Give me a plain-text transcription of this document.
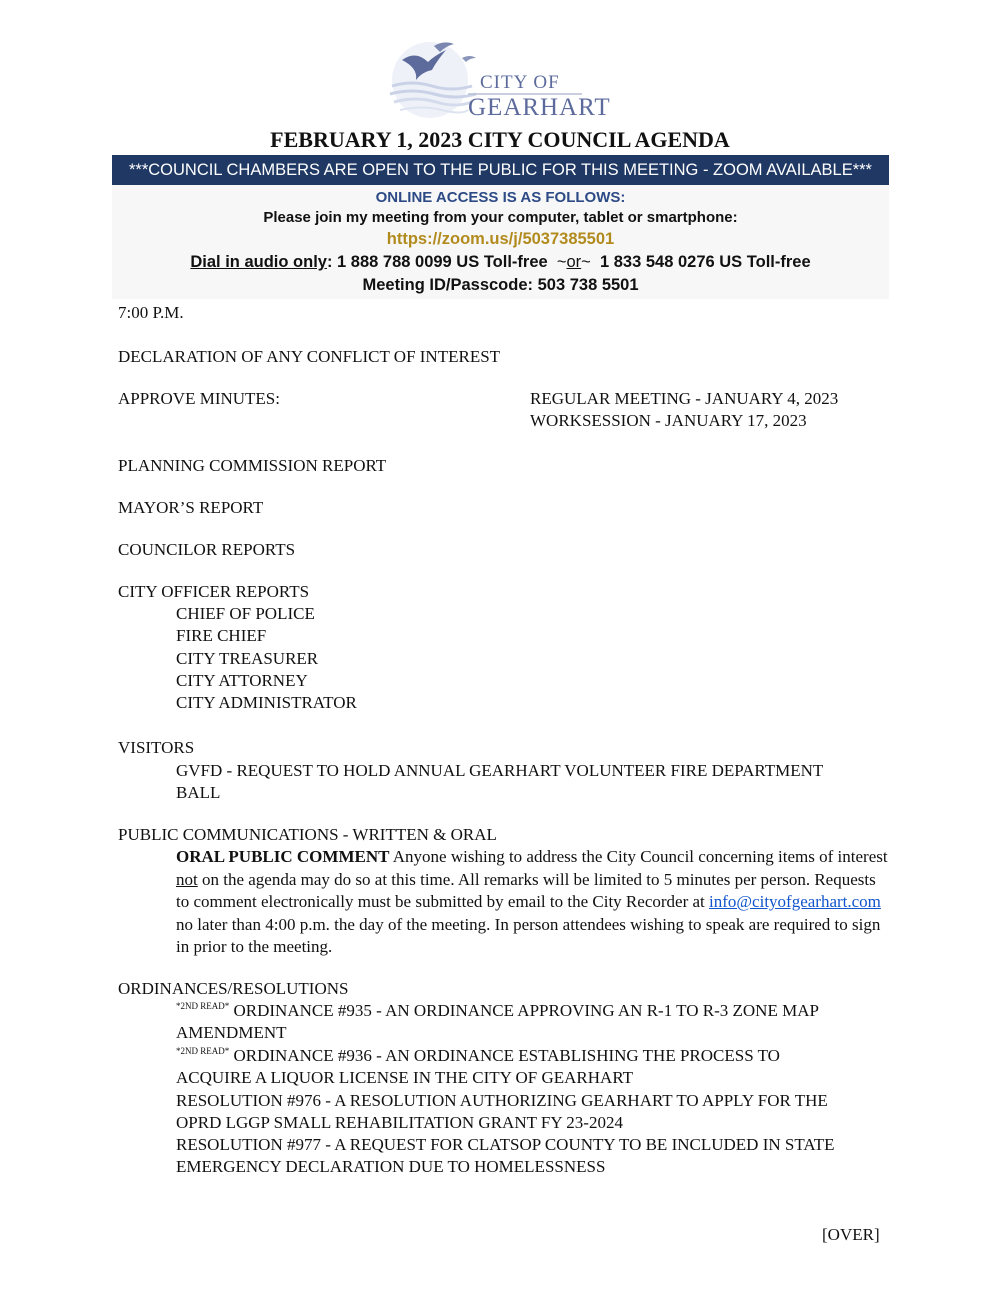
CITY OF
GEARHART
FEBRUARY 1, 2023 CITY COUNCIL AGENDA
***COUNCIL CHAMBERS ARE OPEN TO THE PUBLIC FOR THIS MEETING - ZOOM AVAILABLE***
ONLINE ACCESS IS AS FOLLOWS:
Please join my meeting from your computer, tablet or smartphone:
https://zoom.us/j/5037385501
Dial in audio only: 1 888 788 0099 US Toll-free ~or~ 1 833 548 0276 US Toll-free
Meeting ID/Passcode: 503 738 5501
7:00 P.M.
DECLARATION OF ANY CONFLICT OF INTEREST
APPROVE MINUTES:	REGULAR MEETING - JANUARY 4, 2023
WORKSESSION - JANUARY 17, 2023
PLANNING COMMISSION REPORT
MAYOR’S REPORT
COUNCILOR REPORTS
CITY OFFICER REPORTS
CHIEF OF POLICE
FIRE CHIEF
CITY TREASURER
CITY ATTORNEY
CITY ADMINISTRATOR
VISITORS
GVFD - REQUEST TO HOLD ANNUAL GEARHART VOLUNTEER FIRE DEPARTMENT
BALL
PUBLIC COMMUNICATIONS - WRITTEN & ORAL
ORAL PUBLIC COMMENT Anyone wishing to address the City Council concerning items of interest not on the agenda may do so at this time. All remarks will be limited to 5 minutes per person. Requests to comment electronically must be submitted by email to the City Recorder at info@cityofgearhart.com no later than 4:00 p.m. the day of the meeting. In person attendees wishing to speak are required to sign in prior to the meeting.
ORDINANCES/RESOLUTIONS
$^{*2ND READ*}$ ORDINANCE #935 - AN ORDINANCE APPROVING AN R-1 TO R-3 ZONE MAP
AMENDMENT
$^{*2ND READ*}$ ORDINANCE #936 - AN ORDINANCE ESTABLISHING THE PROCESS TO
ACQUIRE A LIQUOR LICENSE IN THE CITY OF GEARHART
RESOLUTION #976 - A RESOLUTION AUTHORIZING GEARHART TO APPLY FOR THE
OPRD LGGP SMALL REHABILITATION GRANT FY 23-2024
RESOLUTION #977 - A REQUEST FOR CLATSOP COUNTY TO BE INCLUDED IN STATE
EMERGENCY DECLARATION DUE TO HOMELESSNESS
[OVER]
